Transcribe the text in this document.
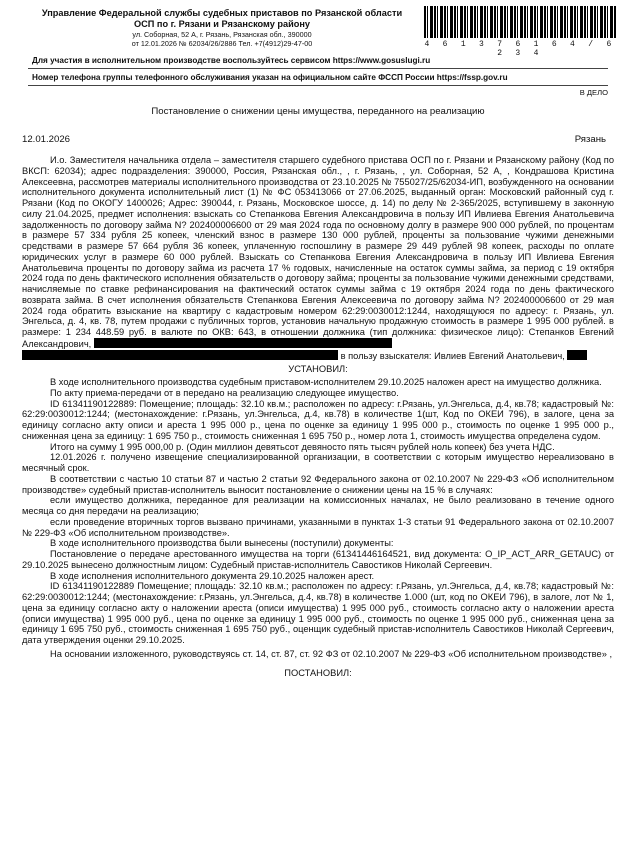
Управление Федеральной службы судебных приставов по Рязанской области
ОСП по г. Рязани и Рязанскому району
ул. Соборная, 52 А, г. Рязань, Рязанская обл., 390000
от 12.01.2026 № 62034/26/2886 Тел. +7(4912)29-47-00	4 6 1 3 7 6 1 6 4 / 6 2 3 4
Для участия в исполнительном производстве воспользуйтесь сервисом https://www.gosuslugi.ru
Номер телефона группы телефонного обслуживания указан на официальном сайте ФССП России https://fssp.gov.ru
В ДЕЛО
Постановление о снижении цены имущества, переданного на реализацию
12.01.2026	Рязань

И.о. Заместителя начальника отдела – заместителя старшего судебного пристава ОСП по г. Рязани и Рязанскому району (Код по ВКСП: 62034); адрес подразделения: 390000, Россия, Рязанская обл., , г. Рязань, , ул. Соборная, 52 А, , Кондрашова Кристина Алексеевна, рассмотрев материалы исполнительного производства от 23.10.2025 № 755027/25/62034-ИП, возбужденного на основании исполнительного документа исполнительный лист (1) № ФС 053413066 от 27.06.2025, выданный орган: Московский районный суд г. Рязани (Код по ОКОГУ 1400026; Адрес: 390044, г. Рязань, Московское шоссе, д. 14) по делу № 2-365/2025, вступившему в законную силу 21.04.2025, предмет исполнения: взыскать со Степанкова Евгения Александровича в пользу ИП Ивлиева Евгения Анатольевича задолженность по договору займа N? 202400006600 от 29 мая 2024 года по основному долгу в размере 900 000 рублей, по процентам в размере 57 334 рубля 25 копеек, членский взнос в размере 130 000 рублей, проценты за пользование чужими денежными средствами в размере 57 664 рубля 36 копеек, уплаченную госпошлину в размере 29 449 рублей 98 копеек, расходы по оплате юридических услуг в размере 60 000 рублей. Взыскать со Степанкова Евгения Александровича в пользу ИП Ивлиева Евгения Анатольевича проценты по договору займа из расчета 17 % годовых, начисленные на остаток суммы займа, за период с 19 октября 2024 года по день фактического исполнения обязательств о договору займа; проценты за пользование чужими денежными средствами, начисляемые по ставке рефинансирования на фактический остаток суммы займа с 19 октября 2024 года по день фактического возврата займа. В счет исполнения обязательств Степанкова Евгения Алексеевича по договору займа N? 202400006600 от 29 мая 2024 года обратить взыскание на квартиру с кадастровым номером 62:29:0030012:1244, находящуюся по адресу: г. Рязань, ул. Энгельса, д. 4, кв. 78, путем продажи с публичных торгов, установив начальную продажную стоимость в размере 1 995 000 рублей. в размере: 1 234 448.59 руб. в валюте по ОКВ: 643, в отношении должника (тип должника: физическое лицо): Степанков Евгений Александрович,

в пользу взыскателя: Ивлиев Евгений Анатольевич,

УСТАНОВИЛ:

В ходе исполнительного производства судебным приставом-исполнителем 29.10.2025 наложен арест на имущество должника.

По акту приема-передачи от в передано на реализацию следующее имущество.

ID 61341190122889: Помещение; площадь: 32.10 кв.м.; расположен по адресу: г.Рязань, ул.Энгельса, д.4, кв.78; кадастровый №: 62:29:0030012:1244; (местонахождение: г.Рязань, ул.Энгельса, д.4, кв.78) в количестве 1(шт, Код по ОКЕИ 796), в залоге, цена за единицу согласно акту описи и ареста 1 995 000 р., цена по оценке за единицу 1 995 000 р., стоимость по оценке 1 995 000 р., сниженная цена за единицу: 1 695 750 р., стоимость сниженная 1 695 750 р., номер лота 1, стоимость имущества определена судом.

Итого на сумму 1 995 000,00 р. (Один миллион девятьсот девяносто пять тысяч рублей ноль копеек) без учета НДС.

12.01.2026 г. получено извещение специализированной организации, в соответствии с которым имущество нереализовано в месячный срок.

В соответствии с частью 10 статьи 87 и частью 2 статьи 92 Федерального закона от 02.10.2007 № 229-ФЗ «Об исполнительном производстве» судебный пристав-исполнитель выносит постановление о снижении цены на 15 % в случаях:

если имущество должника, переданное для реализации на комиссионных началах, не было реализовано в течение одного месяца со дня передачи на реализацию;

если проведение вторичных торгов вызвано причинами, указанными в пунктах 1-3 статьи 91 Федерального закона от 02.10.2007 № 229-ФЗ «Об исполнительном производстве».

В ходе исполнительного производства были вынесены (поступили) документы:

Постановление о передаче арестованного имущества на торги (61341446164521, вид документа: O_IP_ACT_ARR_GETAUC) от 29.10.2025 вынесено должностным лицом: Судебный пристав-исполнитель Савостиков Николай Сергеевич.

В ходе исполнения исполнительного документа 29.10.2025 наложен арест.

ID 61341190122889 Помещение; площадь: 32.10 кв.м.; расположен по адресу: г.Рязань, ул.Энгельса, д.4, кв.78; кадастровый №: 62:29:0030012:1244; (местонахождение: г.Рязань, ул.Энгельса, д.4, кв.78) в количестве 1.000 (шт, код по ОКЕИ 796), в залоге, лот № 1, цена за единицу согласно акту о наложении ареста (описи имущества) 1 995 000 руб., стоимость согласно акту о наложении ареста (описи имущества) 1 995 000 руб., цена по оценке за единицу 1 995 000 руб., стоимость по оценке 1 995 000 руб., сниженная цена за единицу 1 695 750 руб., стоимость сниженная 1 695 750 руб., оценщик судебный пристав-исполнитель Савостиков Николай Сергеевич, дата утверждения оценки 29.10.2025.

На основании изложенного, руководствуясь ст. 14, ст. 87, ст. 92 ФЗ от 02.10.2007 № 229-ФЗ «Об исполнительном производстве» ,

ПОСТАНОВИЛ:
